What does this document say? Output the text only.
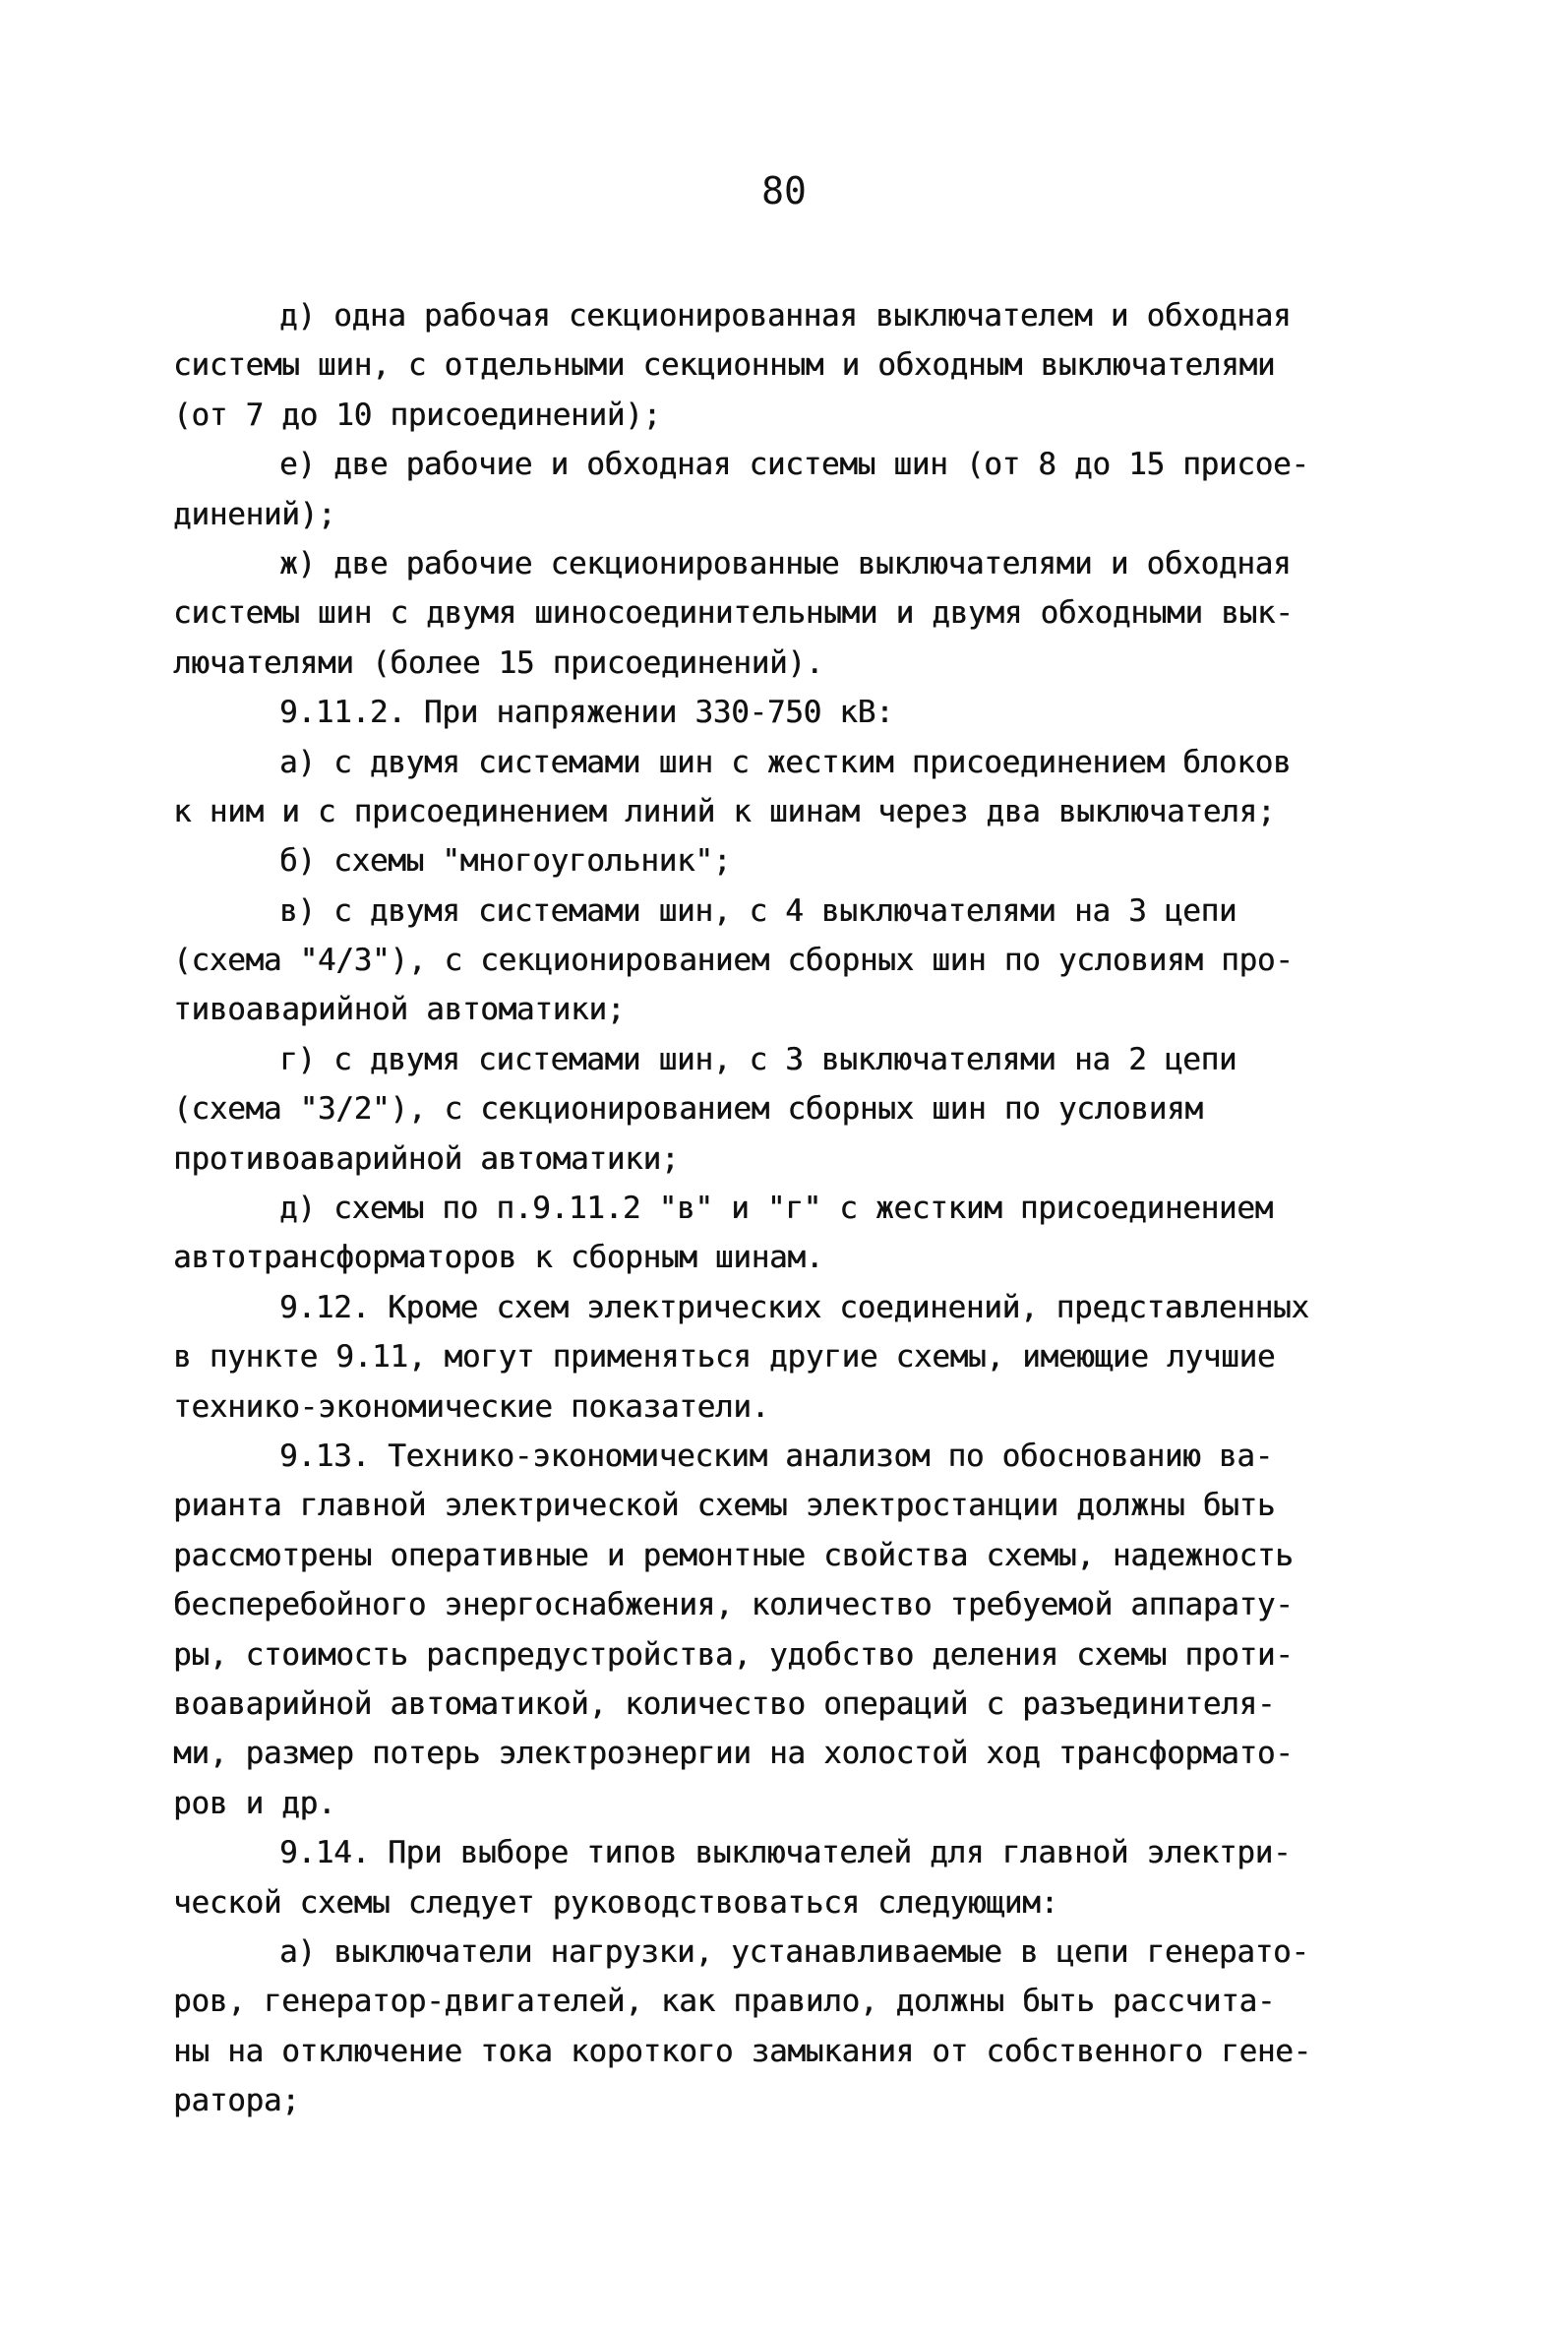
80
д) одна рабочая секционированная выключателем и обходная
системы шин, с отдельными секционным и обходным выключателями
(от 7 до 10 присоединений);
е) две рабочие и обходная системы шин (от 8 до 15 присое-
динений);
ж) две рабочие секционированные выключателями и обходная
системы шин с двумя шиносоединительными и двумя обходными вык-
лючателями (более 15 присоединений).
9.11.2. При напряжении 330-750 кВ:
а) с двумя системами шин с жестким присоединением блоков
к ним и с присоединением линий к шинам через два выключателя;
б) схемы "многоугольник";
в) с двумя системами шин, с 4 выключателями на 3 цепи
(схема "4/3"), с секционированием сборных шин по условиям про-
тивоаварийной автоматики;
г) с двумя системами шин, с 3 выключателями на 2 цепи
(схема "3/2"), с секционированием сборных шин по условиям
противоаварийной автоматики;
д) схемы по п.9.11.2 "в" и "г" с жестким присоединением
автотрансформаторов к сборным шинам.
9.12. Кроме схем электрических соединений, представленных
в пункте 9.11, могут применяться другие схемы, имеющие лучшие
технико-экономические показатели.
9.13. Технико-экономическим анализом по обоснованию ва-
рианта главной электрической схемы электростанции должны быть
рассмотрены оперативные и ремонтные свойства схемы, надежность
бесперебойного энергоснабжения, количество требуемой аппарату-
ры, стоимость распредустройства, удобство деления схемы проти-
воаварийной автоматикой, количество операций с разъединителя-
ми, размер потерь электроэнергии на холостой ход трансформато-
ров и др.
9.14. При выборе типов выключателей для главной электри-
ческой схемы следует руководствоваться следующим:
а) выключатели нагрузки, устанавливаемые в цепи генерато-
ров, генератор-двигателей, как правило, должны быть рассчита-
ны на отключение тока короткого замыкания от собственного гене-
ратора;
